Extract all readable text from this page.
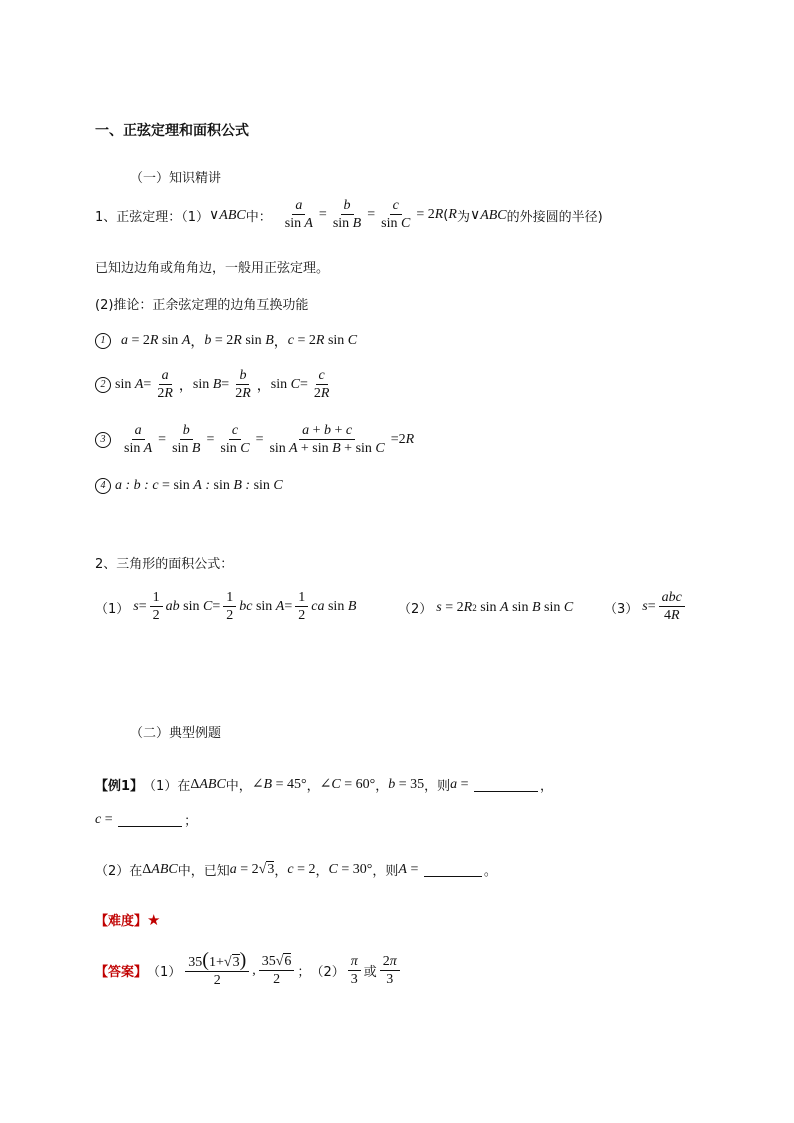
一、正弦定理和面积公式
（一）知识精讲
1、正弦定理：（1） ∨ABC 中： $\frac{a}{\text{sin A}} = \frac{b}{\text{sin B}} = \frac{c}{\text{sin C}} = 2$ R ( R 为 ∨ABC 的外接圆的半径)
已知边边角或角角边，一般用正弦定理。
(2)推论：正余弦定理的边角互换功能
1	a
= 2 R sin A ， b = 2 R sin B ， c = 2 R sin C
2 $\sin A = \frac{a}{2R}$ ， $\sin B = \frac{b}{2R}$ ， $\sin C = \frac{c}{2R}$
3	$\frac{a}{\text{sin A}} = \frac{b}{\text{sin B}} = \frac{c}{\text{sin C}} = \frac{a + b + c}{\text{sin A + sin B + sin C}} =2$ R
4 a : b : c =
sin A : sin B : sin C
2、三角形的面积公式：
（1） $s = \frac{1}{2}$ ab $\sin C = \frac{1}{2}$ bc $\sin A = \frac{1}{2}$ ca sin B	（2） s = 2 R 2 sin A sin B sin C （3） $s = \frac{\text{abc}}{4R}$
（二）典型例题
【例1】 （1）在 Δ ABC 中， ∠ B = 45° ， ∠ C = 60° ， b = 35 ，则 a =	，
c =	；
（2）在 Δ ABC 中，已知 a = 2√3 ， c = 2 ， C = 30° ，则 A =	。
【难度】 ★
【答案】 $(1) \frac{35(1+√3)}{2}$ , $\frac{35√6}{2}$ ； $(2) \frac{\pi}{3}$ 或 $\frac{2\pi}{3}$
